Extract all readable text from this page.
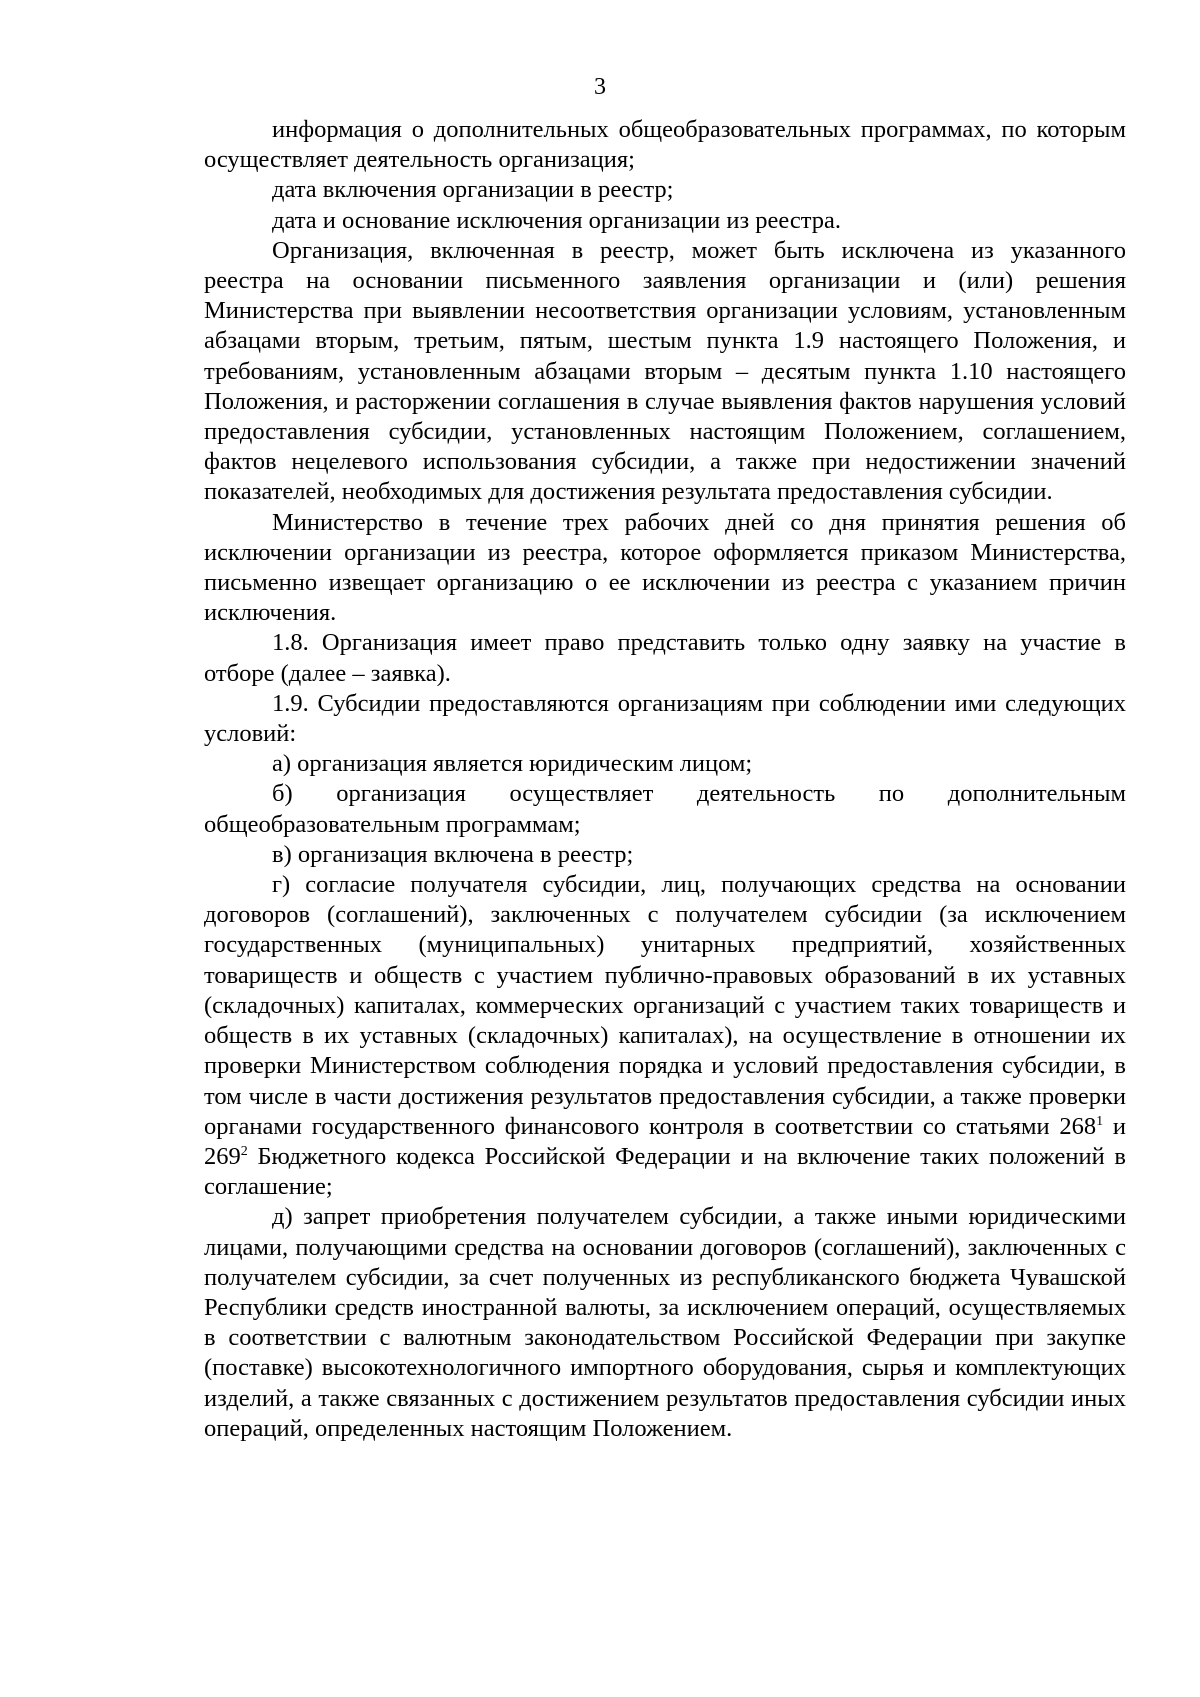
3

информация о дополнительных общеобразовательных программах, по которым осуществляет деятельность организация;

дата включения организации в реестр;

дата и основание исключения организации из реестра.

Организация, включенная в реестр, может быть исключена из указанного реестра на основании письменного заявления организации и (или) решения Министерства при выявлении несоответствия организации условиям, установленным абзацами вторым, третьим, пятым, шестым пункта 1.9 настоящего Положения, и требованиям, установленным абзацами вторым – десятым пункта 1.10 настоящего Положения, и расторжении соглашения в случае выявления фактов нарушения условий предоставления субсидии, установленных настоящим Положением, соглашением, фактов нецелевого использования субсидии, а также при недостижении значений показателей, необходимых для достижения результата предоставления субсидии.

Министерство в течение трех рабочих дней со дня принятия решения об исключении организации из реестра, которое оформляется приказом Министерства, письменно извещает организацию о ее исключении из реестра с указанием причин исключения.

1.8. Организация имеет право представить только одну заявку на участие в отборе (далее – заявка).

1.9. Субсидии предоставляются организациям при соблюдении ими следующих условий:

а) организация является юридическим лицом;

б) организация осуществляет деятельность по дополнительным общеобразовательным программам;

в) организация включена в реестр;

г) согласие получателя субсидии, лиц, получающих средства на основании договоров (соглашений), заключенных с получателем субсидии (за исключением государственных (муниципальных) унитарных предприятий, хозяйственных товариществ и обществ с участием публично-правовых образований в их уставных (складочных) капиталах, коммерческих организаций с участием таких товариществ и обществ в их уставных (складочных) капиталах), на осуществление в отношении их проверки Министерством соблюдения порядка и условий предоставления субсидии, в том числе в части достижения результатов предоставления субсидии, а также проверки органами государственного финансового контроля в соответствии со статьями $268^1$ и $269^2$ Бюджетного кодекса Российской Федерации и на включение таких положений в соглашение;

д) запрет приобретения получателем субсидии, а также иными юридическими лицами, получающими средства на основании договоров (соглашений), заключенных с получателем субсидии, за счет полученных из республиканского бюджета Чувашской Республики средств иностранной валюты, за исключением операций, осуществляемых в соответствии с валютным законодательством Российской Федерации при закупке (поставке) высокотехнологичного импортного оборудования, сырья и комплектующих изделий, а также связанных с достижением результатов предоставления субсидии иных операций, определенных настоящим Положением.
